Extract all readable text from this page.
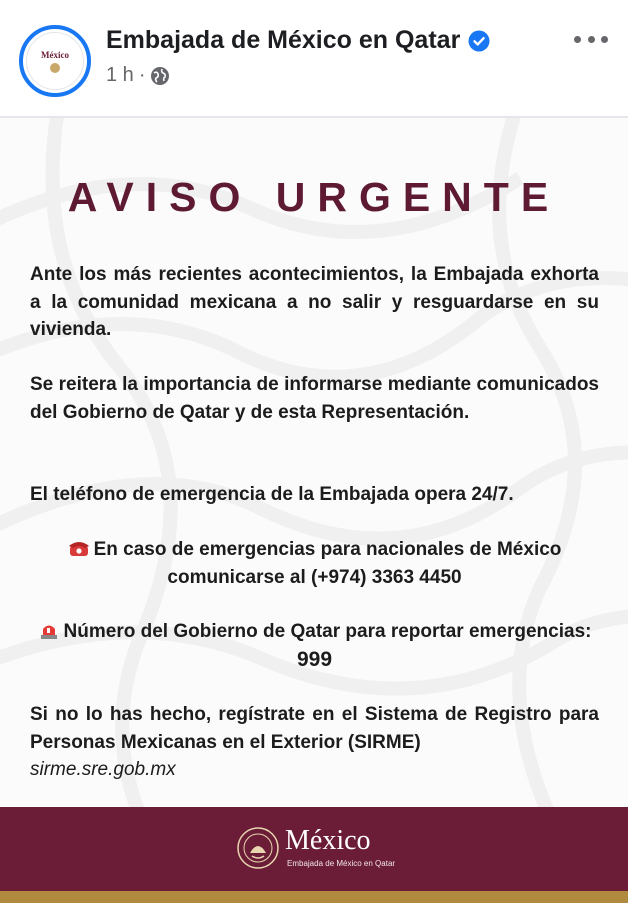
México
Embajada de México en Qatar
1 h ·
AVISO URGENTE
Ante los más recientes acontecimientos, la Embajada exhorta a la comunidad mexicana a no salir y resguardarse en su vivienda.
Se reitera la importancia de informarse mediante comunicados del Gobierno de Qatar y de esta Representación.
El teléfono de emergencia de la Embajada opera 24/7.
En caso de emergencias para nacionales de México comunicarse al (+974) 3363 4450
Número del Gobierno de Qatar para reportar emergencias:
999
Si no lo has hecho, regístrate en el Sistema de Registro para Personas Mexicanas en el Exterior (SIRME)
sirme.sre.gob.mx
México
Embajada de México en Qatar
